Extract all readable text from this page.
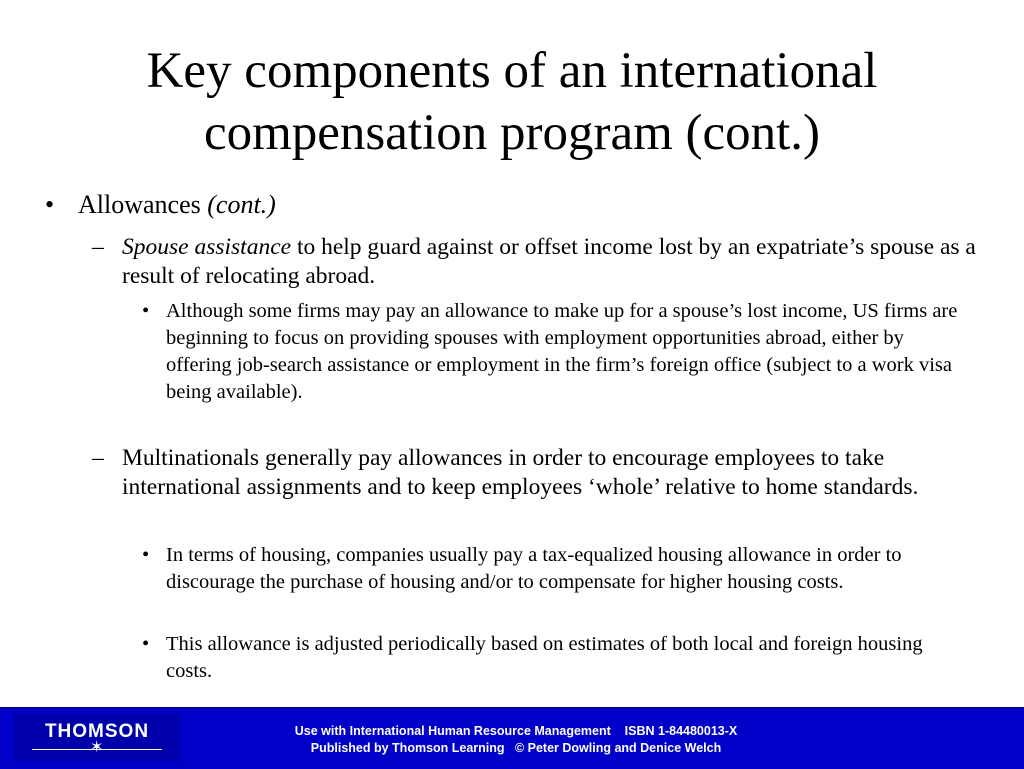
Key components of an international
compensation program (cont.)
• Allowances (cont.)
– Spouse assistance to help guard against or offset income lost by an expatriate’s spouse as a result of relocating abroad.
• Although some firms may pay an allowance to make up for a spouse’s lost income, US firms are beginning to focus on providing spouses with employment opportunities abroad, either by offering job-search assistance or employment in the firm’s foreign office (subject to a work visa being available).
– Multinationals generally pay allowances in order to encourage employees to take international assignments and to keep employees ‘whole’ relative to home standards.
• In terms of housing, companies usually pay a tax-equalized housing allowance in order to discourage the purchase of housing and/or to compensate for higher housing costs.
• This allowance is adjusted periodically based on estimates of both local and foreign housing costs.
THOMSON
✶
Use with International Human Resource Management    ISBN 1-84480013-X
Published by Thomson Learning   © Peter Dowling and Denice Welch
